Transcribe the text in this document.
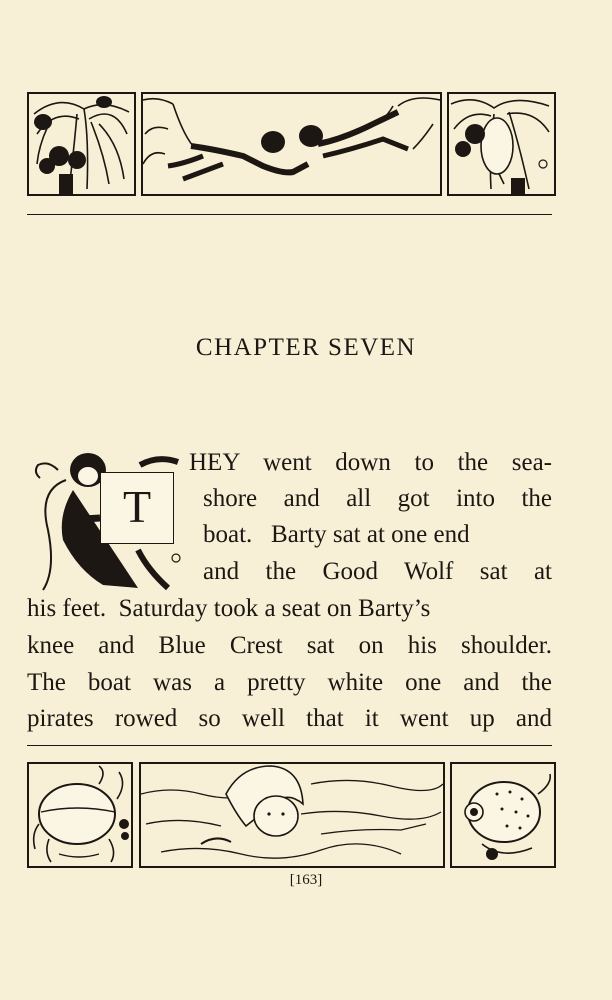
CHAPTER SEVEN
T
HEY went down to the sea-
shore and all got into the
boat.   Barty sat at one end
and the Good Wolf sat at
his feet.  Saturday took a seat on Barty’s
knee and Blue Crest sat on his shoulder.
The boat was a pretty white one and the
pirates rowed so well that it went up and
[163]
